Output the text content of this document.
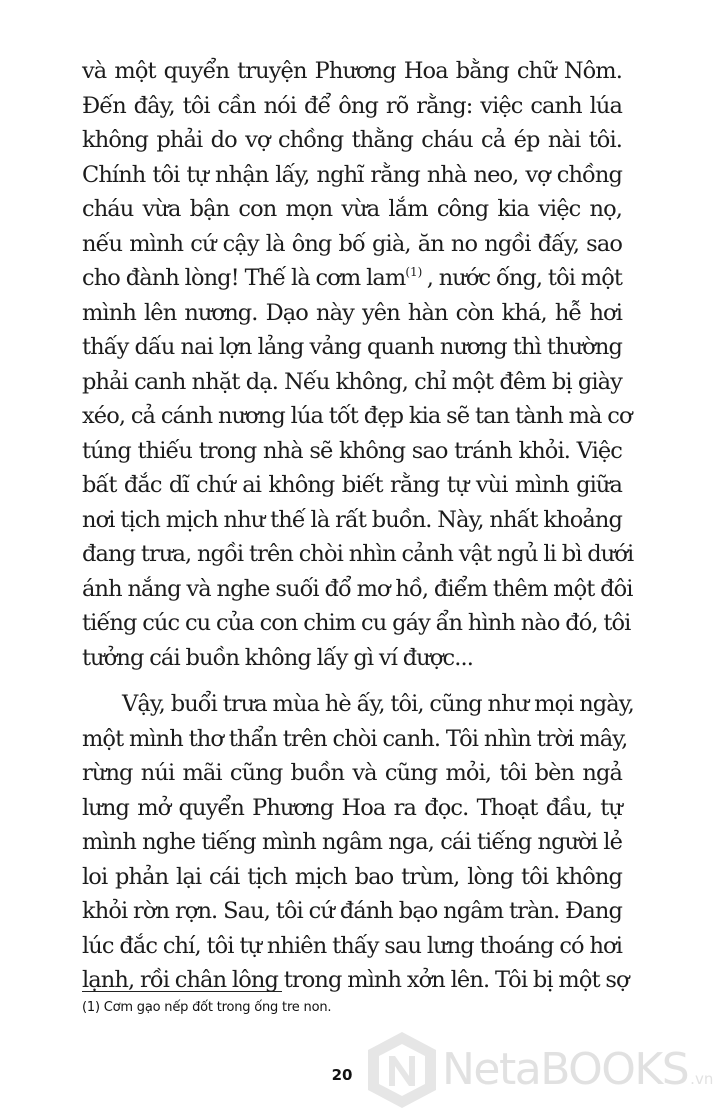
và một quyển truyện Phương Hoa bằng chữ Nôm.
Đến đây, tôi cần nói để ông rõ rằng: việc canh lúa
không phải do vợ chồng thằng cháu cả ép nài tôi.
Chính tôi tự nhận lấy, nghĩ rằng nhà neo, vợ chồng
cháu vừa bận con mọn vừa lắm công kia việc nọ,
nếu mình cứ cậy là ông bố già, ăn no ngồi đấy, sao
cho đành lòng! Thế là cơm lam$^{(1)}$ , nước ống, tôi một
mình lên nương. Dạo này yên hàn còn khá, hễ hơi
thấy dấu nai lợn lảng vảng quanh nương thì thường
phải canh nhặt dạ. Nếu không, chỉ một đêm bị giày
xéo, cả cánh nương lúa tốt đẹp kia sẽ tan tành mà cơ
túng thiếu trong nhà sẽ không sao tránh khỏi. Việc
bất đắc dĩ chứ ai không biết rằng tự vùi mình giữa
nơi tịch mịch như thế là rất buồn. Này, nhất khoảng
đang trưa, ngồi trên chòi nhìn cảnh vật ngủ li bì dưới
ánh nắng và nghe suối đổ mơ hồ, điểm thêm một đôi
tiếng cúc cu của con chim cu gáy ẩn hình nào đó, tôi
tưởng cái buồn không lấy gì ví được...
Vậy, buổi trưa mùa hè ấy, tôi, cũng như mọi ngày,
một mình thơ thẩn trên chòi canh. Tôi nhìn trời mây,
rừng núi mãi cũng buồn và cũng mỏi, tôi bèn ngả
lưng mở quyển Phương Hoa ra đọc. Thoạt đầu, tự
mình nghe tiếng mình ngâm nga, cái tiếng người lẻ
loi phản lại cái tịch mịch bao trùm, lòng tôi không
khỏi rờn rợn. Sau, tôi cứ đánh bạo ngâm tràn. Đang
lúc đắc chí, tôi tự nhiên thấy sau lưng thoáng có hơi
lạnh, rồi chân lông trong mình xởn lên. Tôi bị một sợ
(1) Cơm gạo nếp đốt trong ống tre non.
20 NetaBOOKS .vn
